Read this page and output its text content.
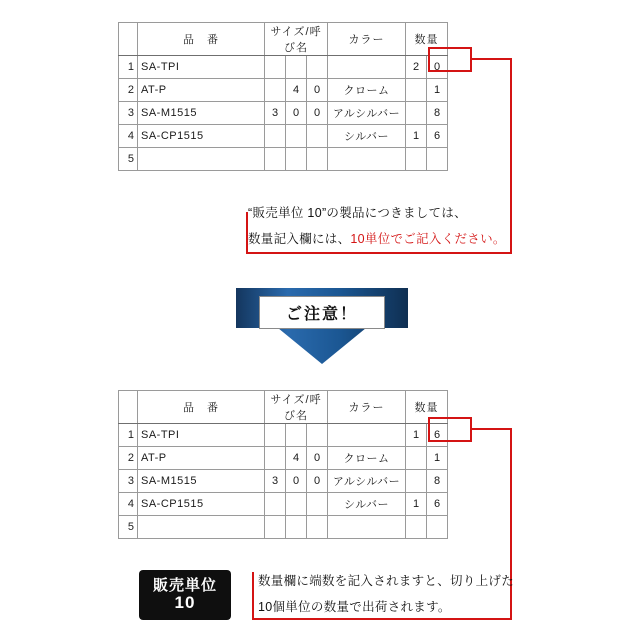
	品　番	サイズ/呼び名			カラー	数量	
1	SA-TPI					2	0
2	AT-P		4	0	クローム		1
3	SA-M1515	3	0	0	アルシルバー		8
4	SA-CP1515				シルバー	1	6
5							
“販売単位 10”の製品につきましては、
数量記入欄には、10単位でご記入ください。
ご注意！
	品　番	サイズ/呼び名			カラー	数量	
1	SA-TPI					1	6
2	AT-P		4	0	クローム		1
3	SA-M1515	3	0	0	アルシルバー		8
4	SA-CP1515				シルバー	1	6
5							
販売単位
10
数量欄に端数を記入されますと、切り上げた
10個単位の数量で出荷されます。
